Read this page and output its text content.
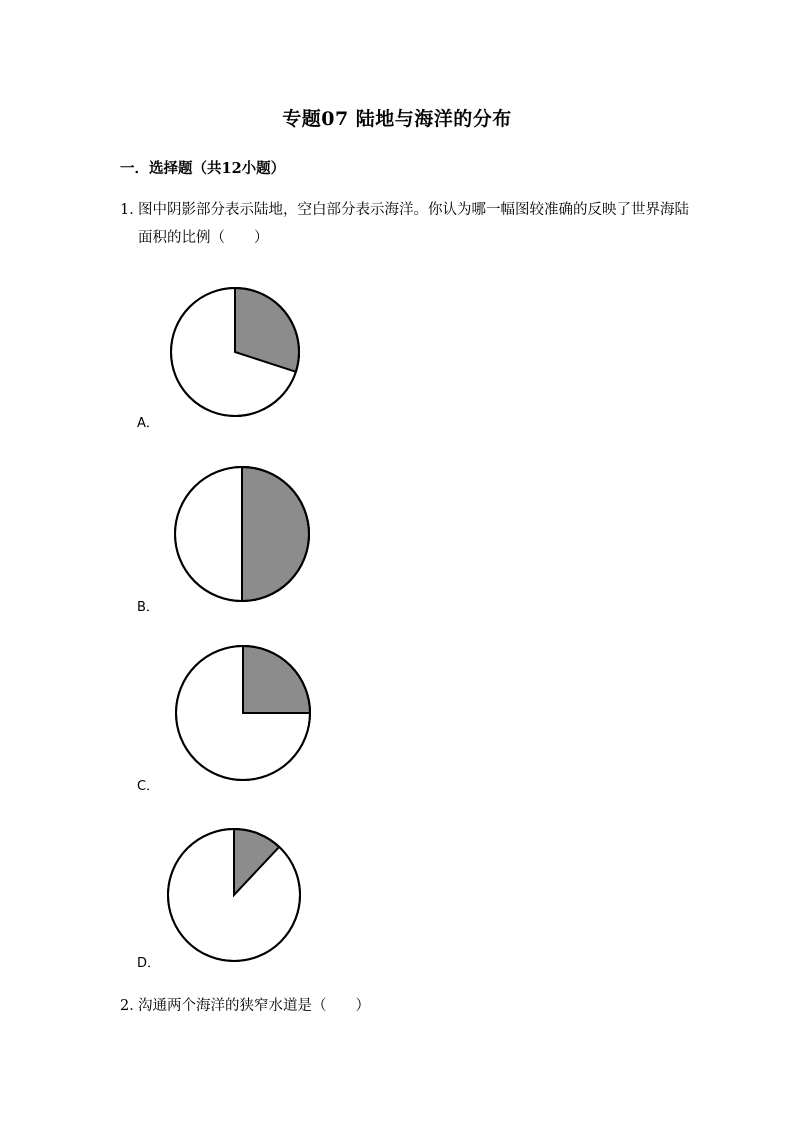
专题07 陆地与海洋的分布
一．选择题（共12小题）
1．图中阴影部分表示陆地，空白部分表示海洋。你认为哪一幅图较准确的反映了世界海陆
面积的比例（　　）
A．
B．
C．
D．
2．沟通两个海洋的狭窄水道是（　　）
